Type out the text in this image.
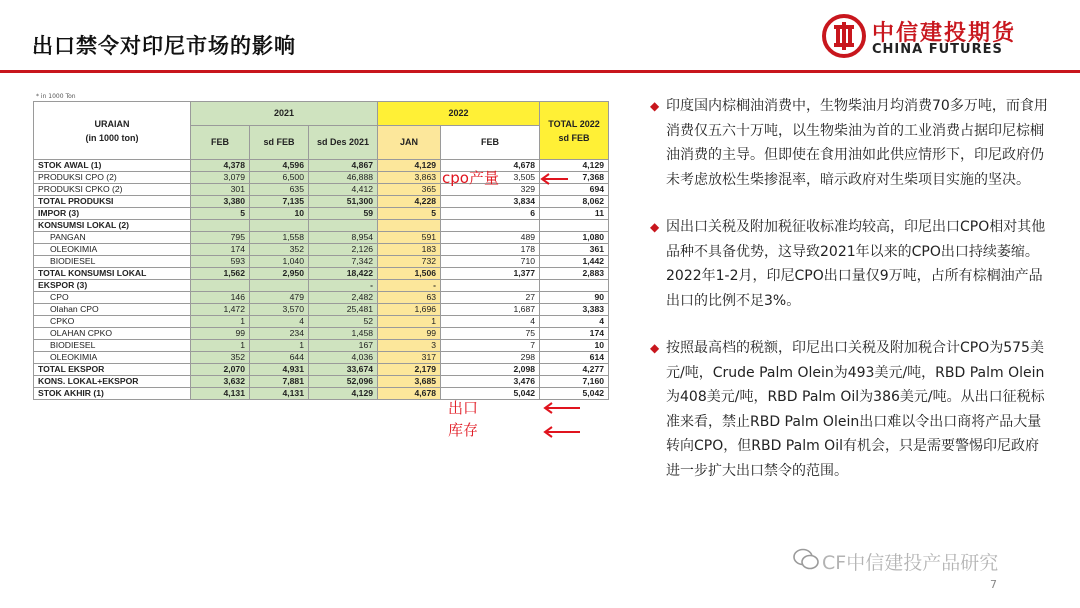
出口禁令对印尼市场的影响	中信建投期货
CHINA FUTURES
* in 1000 Ton
URAIAN
(in 1000 ton)	2021			2022		TOTAL 2022
sd FEB
	FEB	sd FEB	sd Des 2021	JAN	FEB	
STOK AWAL (1)	4,378	4,596	4,867	4,129	4,678	4,129
PRODUKSI CPO (2)	3,079	6,500	46,888	3,863	3,505	7,368
PRODUKSI CPKO (2)	301	635	4,412	365	329	694
TOTAL PRODUKSI	3,380	7,135	51,300	4,228	3,834	8,062
IMPOR (3)	5	10	59	5	6	11
KONSUMSI LOKAL (2)						
PANGAN	795	1,558	8,954	591	489	1,080
OLEOKIMIA	174	352	2,126	183	178	361
BIODIESEL	593	1,040	7,342	732	710	1,442
TOTAL KONSUMSI LOKAL	1,562	2,950	18,422	1,506	1,377	2,883
EKSPOR (3)			-	-		
CPO	146	479	2,482	63	27	90
Olahan CPO	1,472	3,570	25,481	1,696	1,687	3,383
CPKO	1	4	52	1	4	4
OLAHAN CPKO	99	234	1,458	99	75	174
BIODIESEL	1	1	167	3	7	10
OLEOKIMIA	352	644	4,036	317	298	614
TOTAL EKSPOR	2,070	4,931	33,674	2,179	2,098	4,277
KONS. LOKAL+EKSPOR	3,632	7,881	52,096	3,685	3,476	7,160
STOK AKHIR (1)	4,131	4,131	4,129	4,678	5,042	5,042
cpo产量
出口
库存
◆ 印度国内棕榈油消费中，生物柴油月均消费70多万吨，而食用消费仅五六十万吨，以生物柴油为首的工业消费占据印尼棕榈油消费的主导。但即使在食用油如此供应情形下，印尼政府仍未考虑放松生柴掺混率，暗示政府对生柴项目实施的坚决。
◆ 因出口关税及附加税征收标准均较高，印尼出口CPO相对其他品种不具备优势，这导致2021年以来的CPO出口持续萎缩。2022年1-2月，印尼CPO出口量仅9万吨，占所有棕榈油产品出口的比例不足3%。
◆ 按照最高档的税额，印尼出口关税及附加税合计CPO为575美元/吨，Crude Palm Olein为493美元/吨，RBD Palm Olein为408美元/吨，RBD Palm Oil为386美元/吨。从出口征税标准来看，禁止RBD Palm Olein出口难以令出口商将产品大量转向CPO，但RBD Palm Oil有机会，只是需要警惕印尼政府进一步扩大出口禁令的范围。
CF中信建投产品研究
7
